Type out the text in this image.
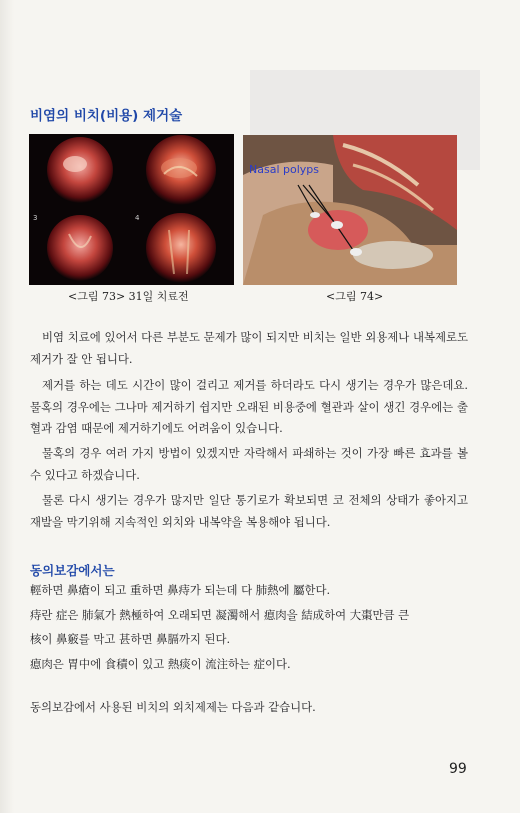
비염의 비치(비용) 제거술
3	4
<그림 73> 31일 치료전
Nasal polyps
<그림 74>
비염 치료에 있어서 다른 부분도 문제가 많이 되지만 비치는 일반 외용제나 내복제로도 제거가 잘 안 됩니다.
제거를 하는 데도 시간이 많이 걸리고 제거를 하더라도 다시 생기는 경우가 많은데요. 물혹의 경우에는 그나마 제거하기 쉽지만 오래된 비용중에 혈관과 살이 생긴 경우에는 출혈과 감염 때문에 제거하기에도 어려움이 있습니다.
물혹의 경우 여러 가지 방법이 있겠지만 자락해서 파쇄하는 것이 가장 빠른 효과를 볼 수 있다고 하겠습니다.
물론 다시 생기는 경우가 많지만 일단 통기로가 확보되면 코 전체의 상태가 좋아지고 재발을 막기위해 지속적인 외치와 내복약을 복용해야 됩니다.
동의보감에서는
輕하면 鼻瘡이 되고 重하면 鼻痔가 되는데 다 肺熱에 屬한다.
痔란 症은 肺氣가 熱極하여 오래되면 凝濁해서 瘜肉을 結成하여 大棗만큼 큰
核이 鼻竅를 막고 甚하면 鼻膈까지 된다.
瘜肉은 胃中에 食積이 있고 熱痰이 流注하는 症이다.
동의보감에서 사용된 비치의 외치제제는 다음과 같습니다.
99
